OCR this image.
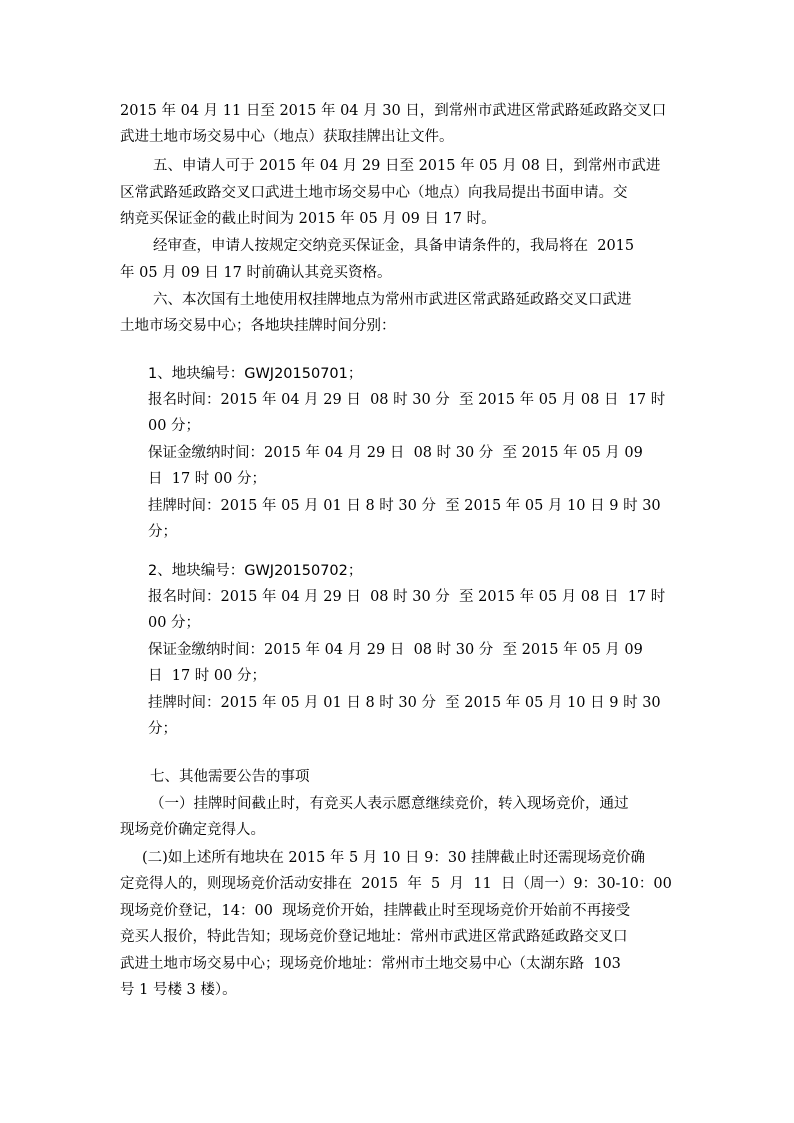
2015 年 04 月 11 日至 2015 年 04 月 30 日，到常州市武进区常武路延政路交叉口
武进土地市场交易中心（地点）获取挂牌出让文件。
五、申请人可于 2015 年 04 月 29 日至 2015 年 05 月 08 日，到常州市武进
区常武路延政路交叉口武进土地市场交易中心（地点）向我局提出书面申请。交
纳竞买保证金的截止时间为 2015 年 05 月 09 日 17 时。
经审查，申请人按规定交纳竞买保证金，具备申请条件的，我局将在  2015
年 05 月 09 日 17 时前确认其竞买资格。
六、本次国有土地使用权挂牌地点为常州市武进区常武路延政路交叉口武进
土地市场交易中心；各地块挂牌时间分别：
1、地块编号：GWJ20150701；
报名时间：2015 年 04 月 29 日  08 时 30 分  至 2015 年 05 月 08 日  17 时
00 分；
保证金缴纳时间：2015 年 04 月 29 日  08 时 30 分  至 2015 年 05 月 09
日  17 时 00 分；
挂牌时间：2015 年 05 月 01 日 8 时 30 分  至 2015 年 05 月 10 日 9 时 30
分；
2、地块编号：GWJ20150702；
报名时间：2015 年 04 月 29 日  08 时 30 分  至 2015 年 05 月 08 日  17 时
00 分；
保证金缴纳时间：2015 年 04 月 29 日  08 时 30 分  至 2015 年 05 月 09
日  17 时 00 分；
挂牌时间：2015 年 05 月 01 日 8 时 30 分  至 2015 年 05 月 10 日 9 时 30
分；
七、其他需要公告的事项
（一）挂牌时间截止时，有竞买人表示愿意继续竞价，转入现场竞价，通过
现场竞价确定竞得人。
(二)如上述所有地块在 2015 年 5 月 10 日 9：30 挂牌截止时还需现场竞价确
定竞得人的，则现场竞价活动安排在  2015  年  5  月  11  日（周一）9：30-10：00
现场竞价登记，14：00  现场竞价开始，挂牌截止时至现场竞价开始前不再接受
竞买人报价，特此告知；现场竞价登记地址：常州市武进区常武路延政路交叉口
武进土地市场交易中心；现场竞价地址：常州市土地交易中心（太湖东路  103
号 1 号楼 3 楼）。
